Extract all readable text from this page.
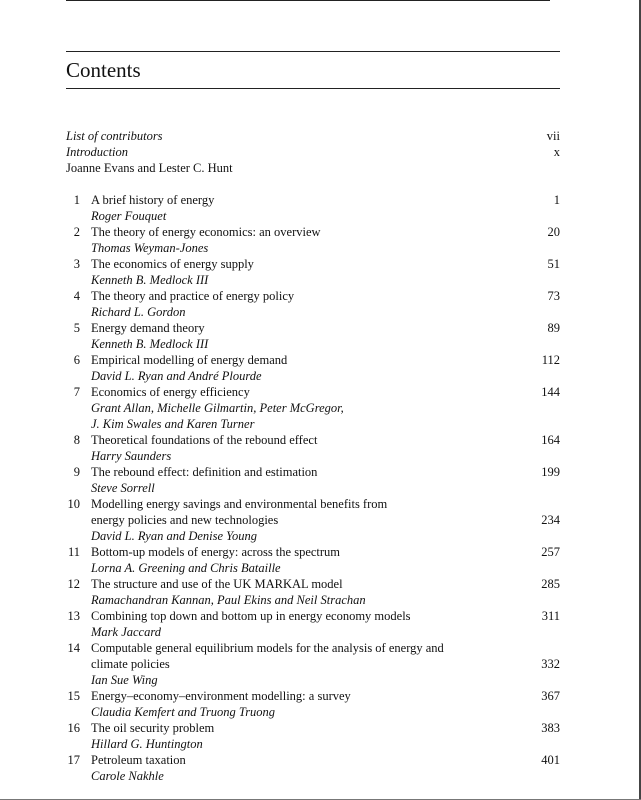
Contents
List of contributors	vii
Introduction	x
Joanne Evans and Lester C. Hunt
1 A brief history of energy	1
Roger Fouquet
2 The theory of energy economics: an overview	20
Thomas Weyman-Jones
3 The economics of energy supply	51
Kenneth B. Medlock III
4 The theory and practice of energy policy	73
Richard L. Gordon
5 Energy demand theory	89
Kenneth B. Medlock III
6 Empirical modelling of energy demand	112
David L. Ryan and André Plourde
7 Economics of energy efficiency	144
Grant Allan, Michelle Gilmartin, Peter McGregor,
J. Kim Swales and Karen Turner
8 Theoretical foundations of the rebound effect	164
Harry Saunders
9 The rebound effect: definition and estimation	199
Steve Sorrell
10 Modelling energy savings and environmental benefits from
energy policies and new technologies	234
David L. Ryan and Denise Young
11 Bottom-up models of energy: across the spectrum	257
Lorna A. Greening and Chris Bataille
12 The structure and use of the UK MARKAL model	285
Ramachandran Kannan, Paul Ekins and Neil Strachan
13 Combining top down and bottom up in energy economy models	311
Mark Jaccard
14 Computable general equilibrium models for the analysis of energy and
climate policies	332
Ian Sue Wing
15 Energy–economy–environment modelling: a survey	367
Claudia Kemfert and Truong Truong
16 The oil security problem	383
Hillard G. Huntington
17 Petroleum taxation	401
Carole Nakhle
